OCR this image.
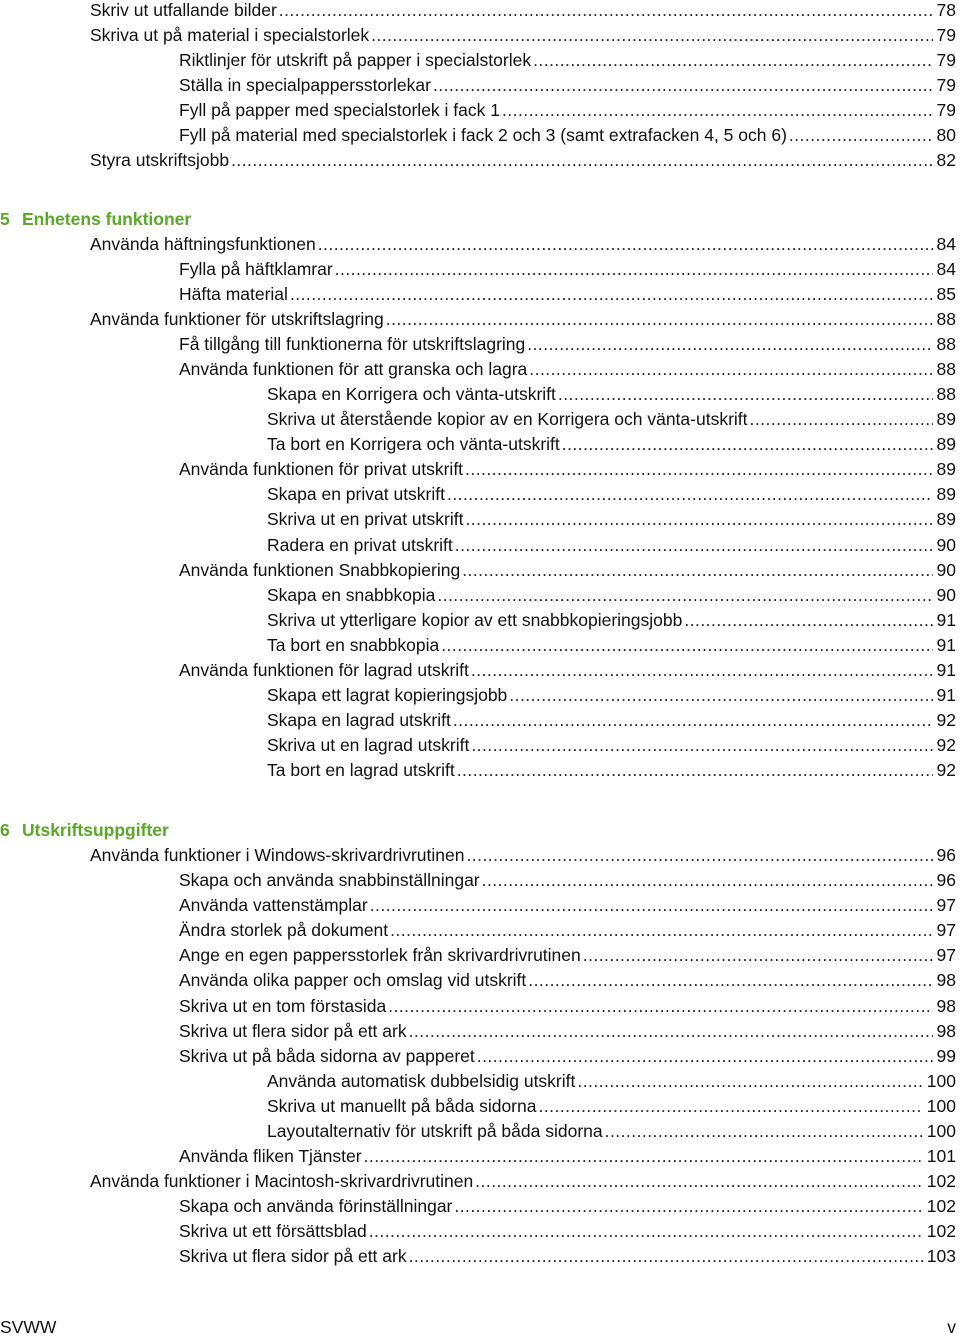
Skriv ut utfallande bilder . . .	78
Skriva ut på material i specialstorlek . . .	79
Riktlinjer för utskrift på papper i specialstorlek . . .	79
Ställa in specialpappersstorlekar . . .	79
Fyll på papper med specialstorlek i fack 1 . . .	79
Fyll på material med specialstorlek i fack 2 och 3 (samt extrafacken 4, 5 och 6) . . .	80
Styra utskriftsjobb . . .	82
5 Enhetens funktioner
Använda häftningsfunktionen . . .	84
Fylla på häftklamrar . . .	84
Häfta material . . .	85
Använda funktioner för utskriftslagring . . .	88
Få tillgång till funktionerna för utskriftslagring . . .	88
Använda funktionen för att granska och lagra . . .	88
Skapa en Korrigera och vänta-utskrift . . .	88
Skriva ut återstående kopior av en Korrigera och vänta-utskrift . . .	89
Ta bort en Korrigera och vänta-utskrift . . .	89
Använda funktionen för privat utskrift . . .	89
Skapa en privat utskrift . . .	89
Skriva ut en privat utskrift . . .	89
Radera en privat utskrift . . .	90
Använda funktionen Snabbkopiering . . .	90
Skapa en snabbkopia . . .	90
Skriva ut ytterligare kopior av ett snabbkopieringsjobb . . .	91
Ta bort en snabbkopia . . .	91
Använda funktionen för lagrad utskrift . . .	91
Skapa ett lagrat kopieringsjobb . . .	91
Skapa en lagrad utskrift . . .	92
Skriva ut en lagrad utskrift . . .	92
Ta bort en lagrad utskrift . . .	92
6 Utskriftsuppgifter
Använda funktioner i Windows-skrivardrivrutinen . . .	96
Skapa och använda snabbinställningar . . .	96
Använda vattenstämplar . . .	97
Ändra storlek på dokument . . .	97
Ange en egen pappersstorlek från skrivardrivrutinen . . .	97
Använda olika papper och omslag vid utskrift . . .	98
Skriva ut en tom förstasida . . .	98
Skriva ut flera sidor på ett ark . . .	98
Skriva ut på båda sidorna av papperet . . .	99
Använda automatisk dubbelsidig utskrift . . .	100
Skriva ut manuellt på båda sidorna . . .	100
Layoutalternativ för utskrift på båda sidorna . . .	100
Använda fliken Tjänster . . .	101
Använda funktioner i Macintosh-skrivardrivrutinen . . .	102
Skapa och använda förinställningar . . .	102
Skriva ut ett försättsblad . . .	102
Skriva ut flera sidor på ett ark . . .	103
SVWW	v
